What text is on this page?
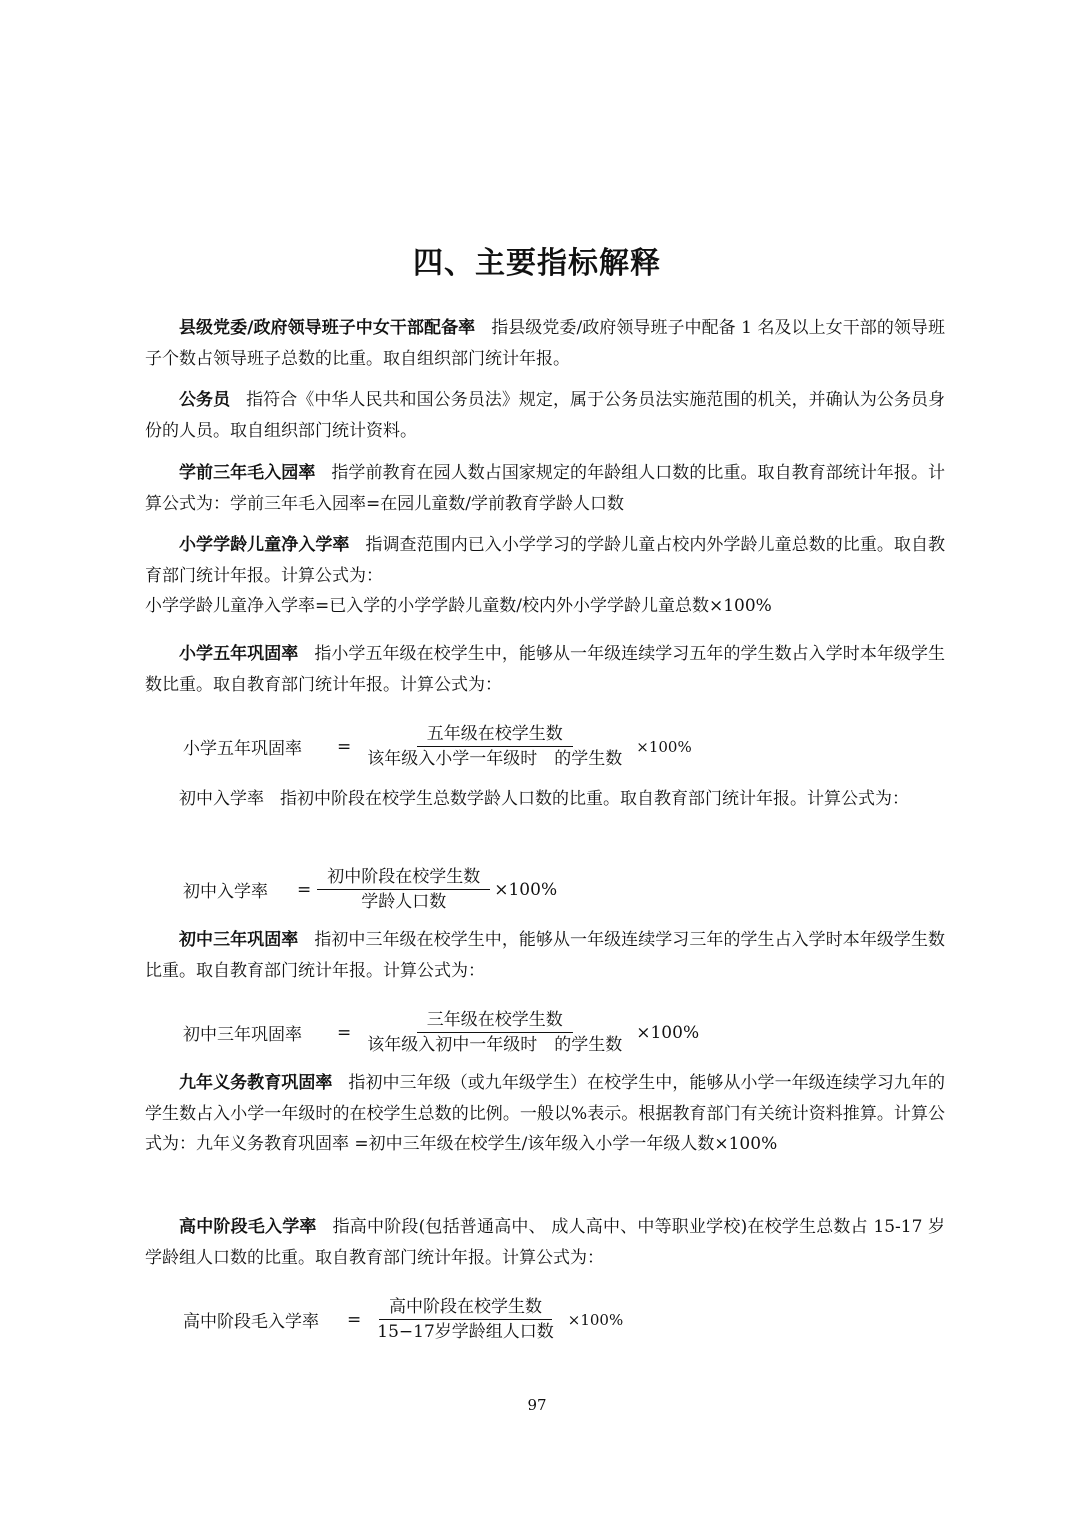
四、主要指标解释

县级党委/政府领导班子中女干部配备率 指县级党委/政府领导班子中配备 1 名及以上女干部的领导班子个数占领导班子总数的比重。取自组织部门统计年报。

公务员 指符合《中华人民共和国公务员法》规定，属于公务员法实施范围的机关，并确认为公务员身份的人员。取自组织部门统计资料。

学前三年毛入园率 指学前教育在园人数占国家规定的年龄组人口数的比重。取自教育部统计年报。计算公式为：学前三年毛入园率=在园儿童数/学前教育学龄人口数

小学学龄儿童净入学率 指调查范围内已入小学学习的学龄儿童占校内外学龄儿童总数的比重。取自教育部门统计年报。计算公式为：

小学学龄儿童净入学率=已入学的小学学龄儿童数/校内外小学学龄儿童总数×100%

小学五年巩固率 指小学五年级在校学生中，能够从一年级连续学习五年的学生数占入学时本年级学生数比重。取自教育部门统计年报。计算公式为：

小学五年巩固率	= $\frac{\text{五年级在校学生数}}{\text{该年级入小学一年级时　的学生数}} \times 100\%$

初中入学率 指初中阶段在校学生总数学龄人口数的比重。取自教育部门统计年报。计算公式为：

初中入学率	= $\frac{\text{初中阶段在校学生数}}{\text{学龄人口数}} \times 100\%$

初中三年巩固率 指初中三年级在校学生中，能够从一年级连续学习三年的学生占入学时本年级学生数比重。取自教育部门统计年报。计算公式为：

初中三年巩固率	= $\frac{\text{三年级在校学生数}}{\text{该年级入初中一年级时　的学生数}} \times 100\%$

九年义务教育巩固率 指初中三年级（或九年级学生）在校学生中，能够从小学一年级连续学习九年的学生数占入小学一年级时的在校学生总数的比例。一般以%表示。根据教育部门有关统计资料推算。计算公式为：九年义务教育巩固率 =初中三年级在校学生/该年级入小学一年级人数×100%

高中阶段毛入学率 指高中阶段(包括普通高中、 成人高中、中等职业学校)在校学生总数占 15-17 岁学龄组人口数的比重。取自教育部门统计年报。计算公式为：

高中阶段毛入学率	= $\frac{\text{高中阶段在校学生数}}{\text{15−17岁学龄组人口数}} \times 100\%$
97
